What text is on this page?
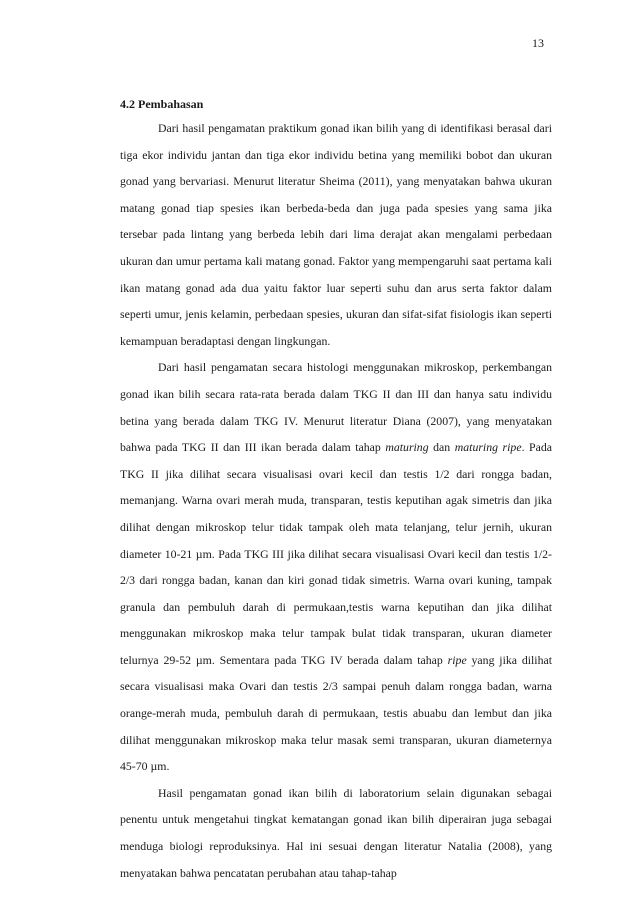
13
4.2 Pembahasan

Dari hasil pengamatan praktikum gonad ikan bilih yang di identifikasi berasal dari tiga ekor individu jantan dan tiga ekor individu betina yang memiliki bobot dan ukuran gonad yang bervariasi. Menurut literatur Sheima (2011), yang menyatakan bahwa ukuran matang gonad tiap spesies ikan berbeda-beda dan juga pada spesies yang sama jika tersebar pada lintang yang berbeda lebih dari lima derajat akan mengalami perbedaan ukuran dan umur pertama kali matang gonad. Faktor yang mempengaruhi saat pertama kali ikan matang gonad ada dua yaitu faktor luar seperti suhu dan arus serta faktor dalam seperti umur, jenis kelamin, perbedaan spesies, ukuran dan sifat-sifat fisiologis ikan seperti kemampuan beradaptasi dengan lingkungan.

Dari hasil pengamatan secara histologi menggunakan mikroskop, perkembangan gonad ikan bilih secara rata-rata berada dalam TKG II dan III dan hanya satu individu betina yang berada dalam TKG IV. Menurut literatur Diana (2007), yang menyatakan bahwa pada TKG II dan III ikan berada dalam tahap maturing dan maturing ripe. Pada TKG II jika dilihat secara visualisasi ovari kecil dan testis 1/2 dari rongga badan, memanjang. Warna ovari merah muda, transparan, testis keputihan agak simetris dan jika dilihat dengan mikroskop telur tidak tampak oleh mata telanjang, telur jernih, ukuran diameter 10-21 µm. Pada TKG III jika dilihat secara visualisasi Ovari kecil dan testis 1/2-2/3 dari rongga badan, kanan dan kiri gonad tidak simetris. Warna ovari kuning, tampak granula dan pembuluh darah di permukaan,testis warna keputihan dan jika dilihat menggunakan mikroskop maka telur tampak bulat tidak transparan, ukuran diameter telurnya 29-52 µm. Sementara pada TKG IV berada dalam tahap ripe yang jika dilihat secara visualisasi maka Ovari dan testis 2/3 sampai penuh dalam rongga badan, warna orange-merah muda, pembuluh darah di permukaan, testis abuabu dan lembut dan jika dilihat menggunakan mikroskop maka telur masak semi transparan, ukuran diameternya 45-70 µm.

Hasil pengamatan gonad ikan bilih di laboratorium selain digunakan sebagai penentu untuk mengetahui tingkat kematangan gonad ikan bilih diperairan juga sebagai menduga biologi reproduksinya. Hal ini sesuai dengan literatur Natalia (2008), yang menyatakan bahwa pencatatan perubahan atau tahap-tahap
